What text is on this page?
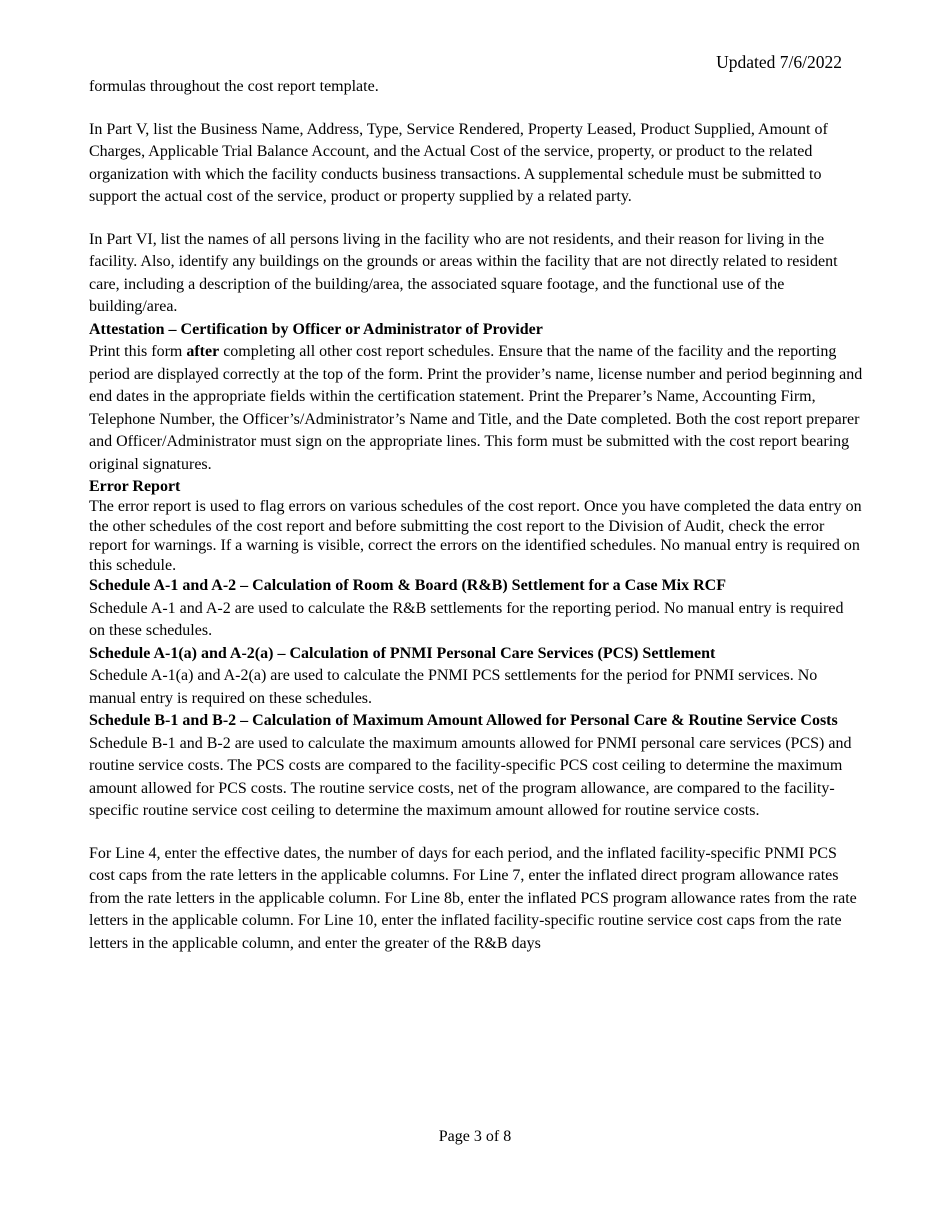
Updated 7/6/2022

formulas throughout the cost report template.

In Part V, list the Business Name, Address, Type, Service Rendered, Property Leased, Product Supplied, Amount of Charges, Applicable Trial Balance Account, and the Actual Cost of the service, property, or product to the related organization with which the facility conducts business transactions. A supplemental schedule must be submitted to support the actual cost of the service, product or property supplied by a related party.

In Part VI, list the names of all persons living in the facility who are not residents, and their reason for living in the facility. Also, identify any buildings on the grounds or areas within the facility that are not directly related to resident care, including a description of the building/area, the associated square footage, and the functional use of the building/area.

Attestation – Certification by Officer or Administrator of Provider

Print this form after completing all other cost report schedules. Ensure that the name of the facility and the reporting period are displayed correctly at the top of the form. Print the provider’s name, license number and period beginning and end dates in the appropriate fields within the certification statement. Print the Preparer’s Name, Accounting Firm, Telephone Number, the Officer’s/Administrator’s Name and Title, and the Date completed. Both the cost report preparer and Officer/Administrator must sign on the appropriate lines. This form must be submitted with the cost report bearing original signatures.

Error Report

The error report is used to flag errors on various schedules of the cost report. Once you have completed the data entry on the other schedules of the cost report and before submitting the cost report to the Division of Audit, check the error report for warnings. If a warning is visible, correct the errors on the identified schedules. No manual entry is required on this schedule.

Schedule A-1 and A-2 – Calculation of Room & Board (R&B) Settlement for a Case Mix RCF

Schedule A-1 and A-2 are used to calculate the R&B settlements for the reporting period. No manual entry is required on these schedules.

Schedule A-1(a) and A-2(a) – Calculation of PNMI Personal Care Services (PCS) Settlement

Schedule A-1(a) and A-2(a) are used to calculate the PNMI PCS settlements for the period for PNMI services. No manual entry is required on these schedules.

Schedule B-1 and B-2 – Calculation of Maximum Amount Allowed for Personal Care & Routine Service Costs

Schedule B-1 and B-2 are used to calculate the maximum amounts allowed for PNMI personal care services (PCS) and routine service costs. The PCS costs are compared to the facility-specific PCS cost ceiling to determine the maximum amount allowed for PCS costs. The routine service costs, net of the program allowance, are compared to the facility-specific routine service cost ceiling to determine the maximum amount allowed for routine service costs.

For Line 4, enter the effective dates, the number of days for each period, and the inflated facility-specific PNMI PCS cost caps from the rate letters in the applicable columns. For Line 7, enter the inflated direct program allowance rates from the rate letters in the applicable column. For Line 8b, enter the inflated PCS program allowance rates from the rate letters in the applicable column. For Line 10, enter the inflated facility-specific routine service cost caps from the rate letters in the applicable column, and enter the greater of the R&B days

Page 3 of 8
